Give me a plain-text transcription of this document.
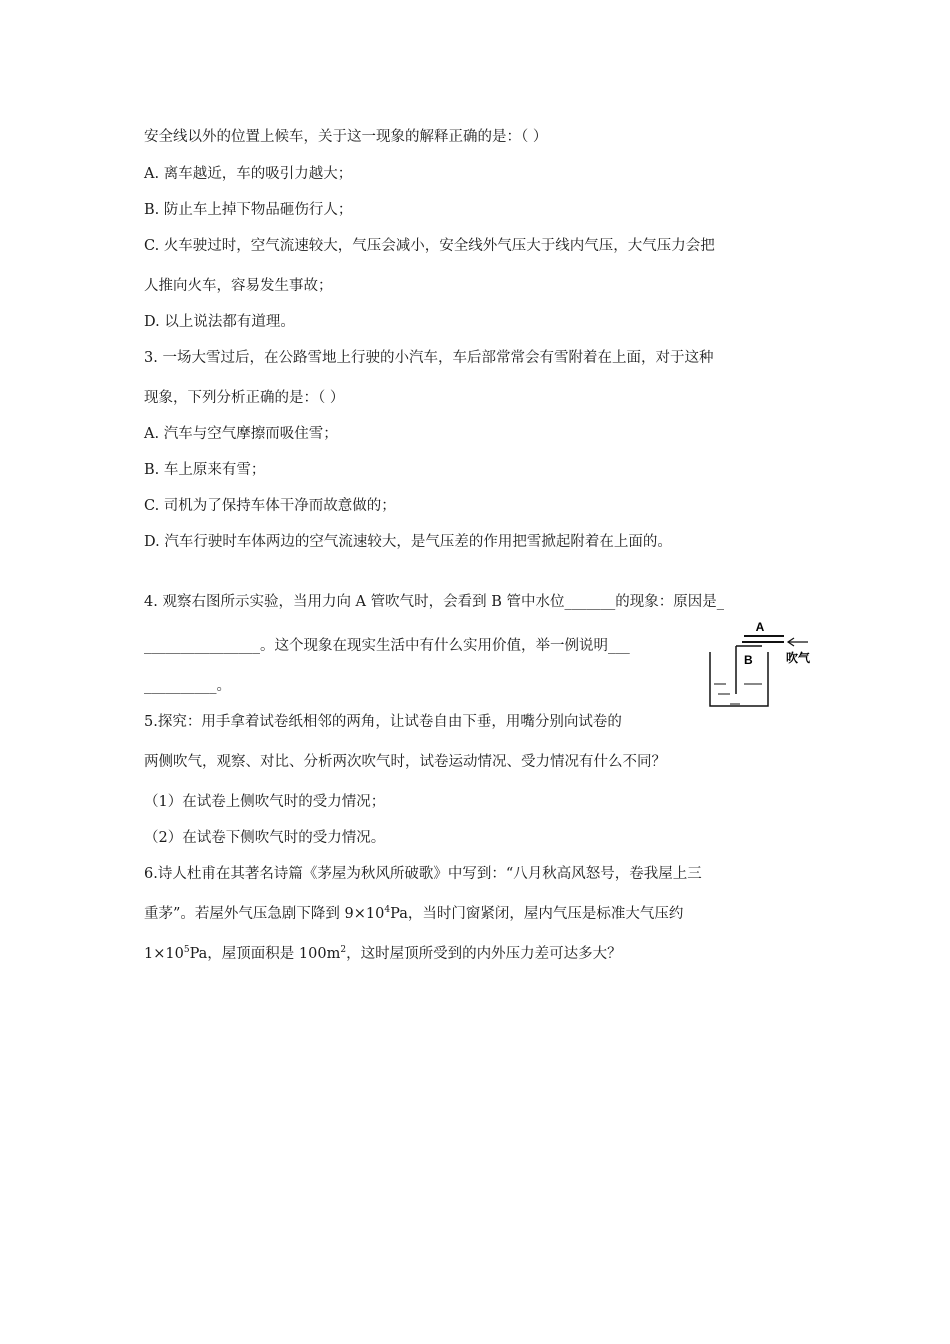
安全线以外的位置上候车，关于这一现象的解释正确的是：（ ）
A. 离车越近，车的吸引力越大；
B. 防止车上掉下物品砸伤行人；
C. 火车驶过时，空气流速较大，气压会减小，安全线外气压大于线内气压，大气压力会把
人推向火车，容易发生事故；
D. 以上说法都有道理。
3. 一场大雪过后，在公路雪地上行驶的小汽车，车后部常常会有雪附着在上面，对于这种
现象，下列分析正确的是：（ ）
A. 汽车与空气摩擦而吸住雪；
B. 车上原来有雪；
C. 司机为了保持车体干净而故意做的；
D. 汽车行驶时车体两边的空气流速较大，是气压差的作用把雪掀起附着在上面的。
4. 观察右图所示实验，当用力向 A 管吹气时，会看到 B 管中水位_______的现象：原因是_
________________。这个现象在现实生活中有什么实用价值，举一例说明___
__________。
A
吹气
B
5.探究：用手拿着试卷纸相邻的两角，让试卷自由下垂，用嘴分别向试卷的
两侧吹气，观察、对比、分析两次吹气时，试卷运动情况、受力情况有什么不同？
（1）在试卷上侧吹气时的受力情况；
（2）在试卷下侧吹气时的受力情况。
6.诗人杜甫在其著名诗篇《茅屋为秋风所破歌》中写到：“八月秋高风怒号，卷我屋上三
重茅”。若屋外气压急剧下降到 $9\times 10^4Pa$，当时门窗紧闭，屋内气压是标准大气压约
$1\times 10^5Pa$，屋顶面积是 $100m^2$，这时屋顶所受到的内外压力差可达多大？
